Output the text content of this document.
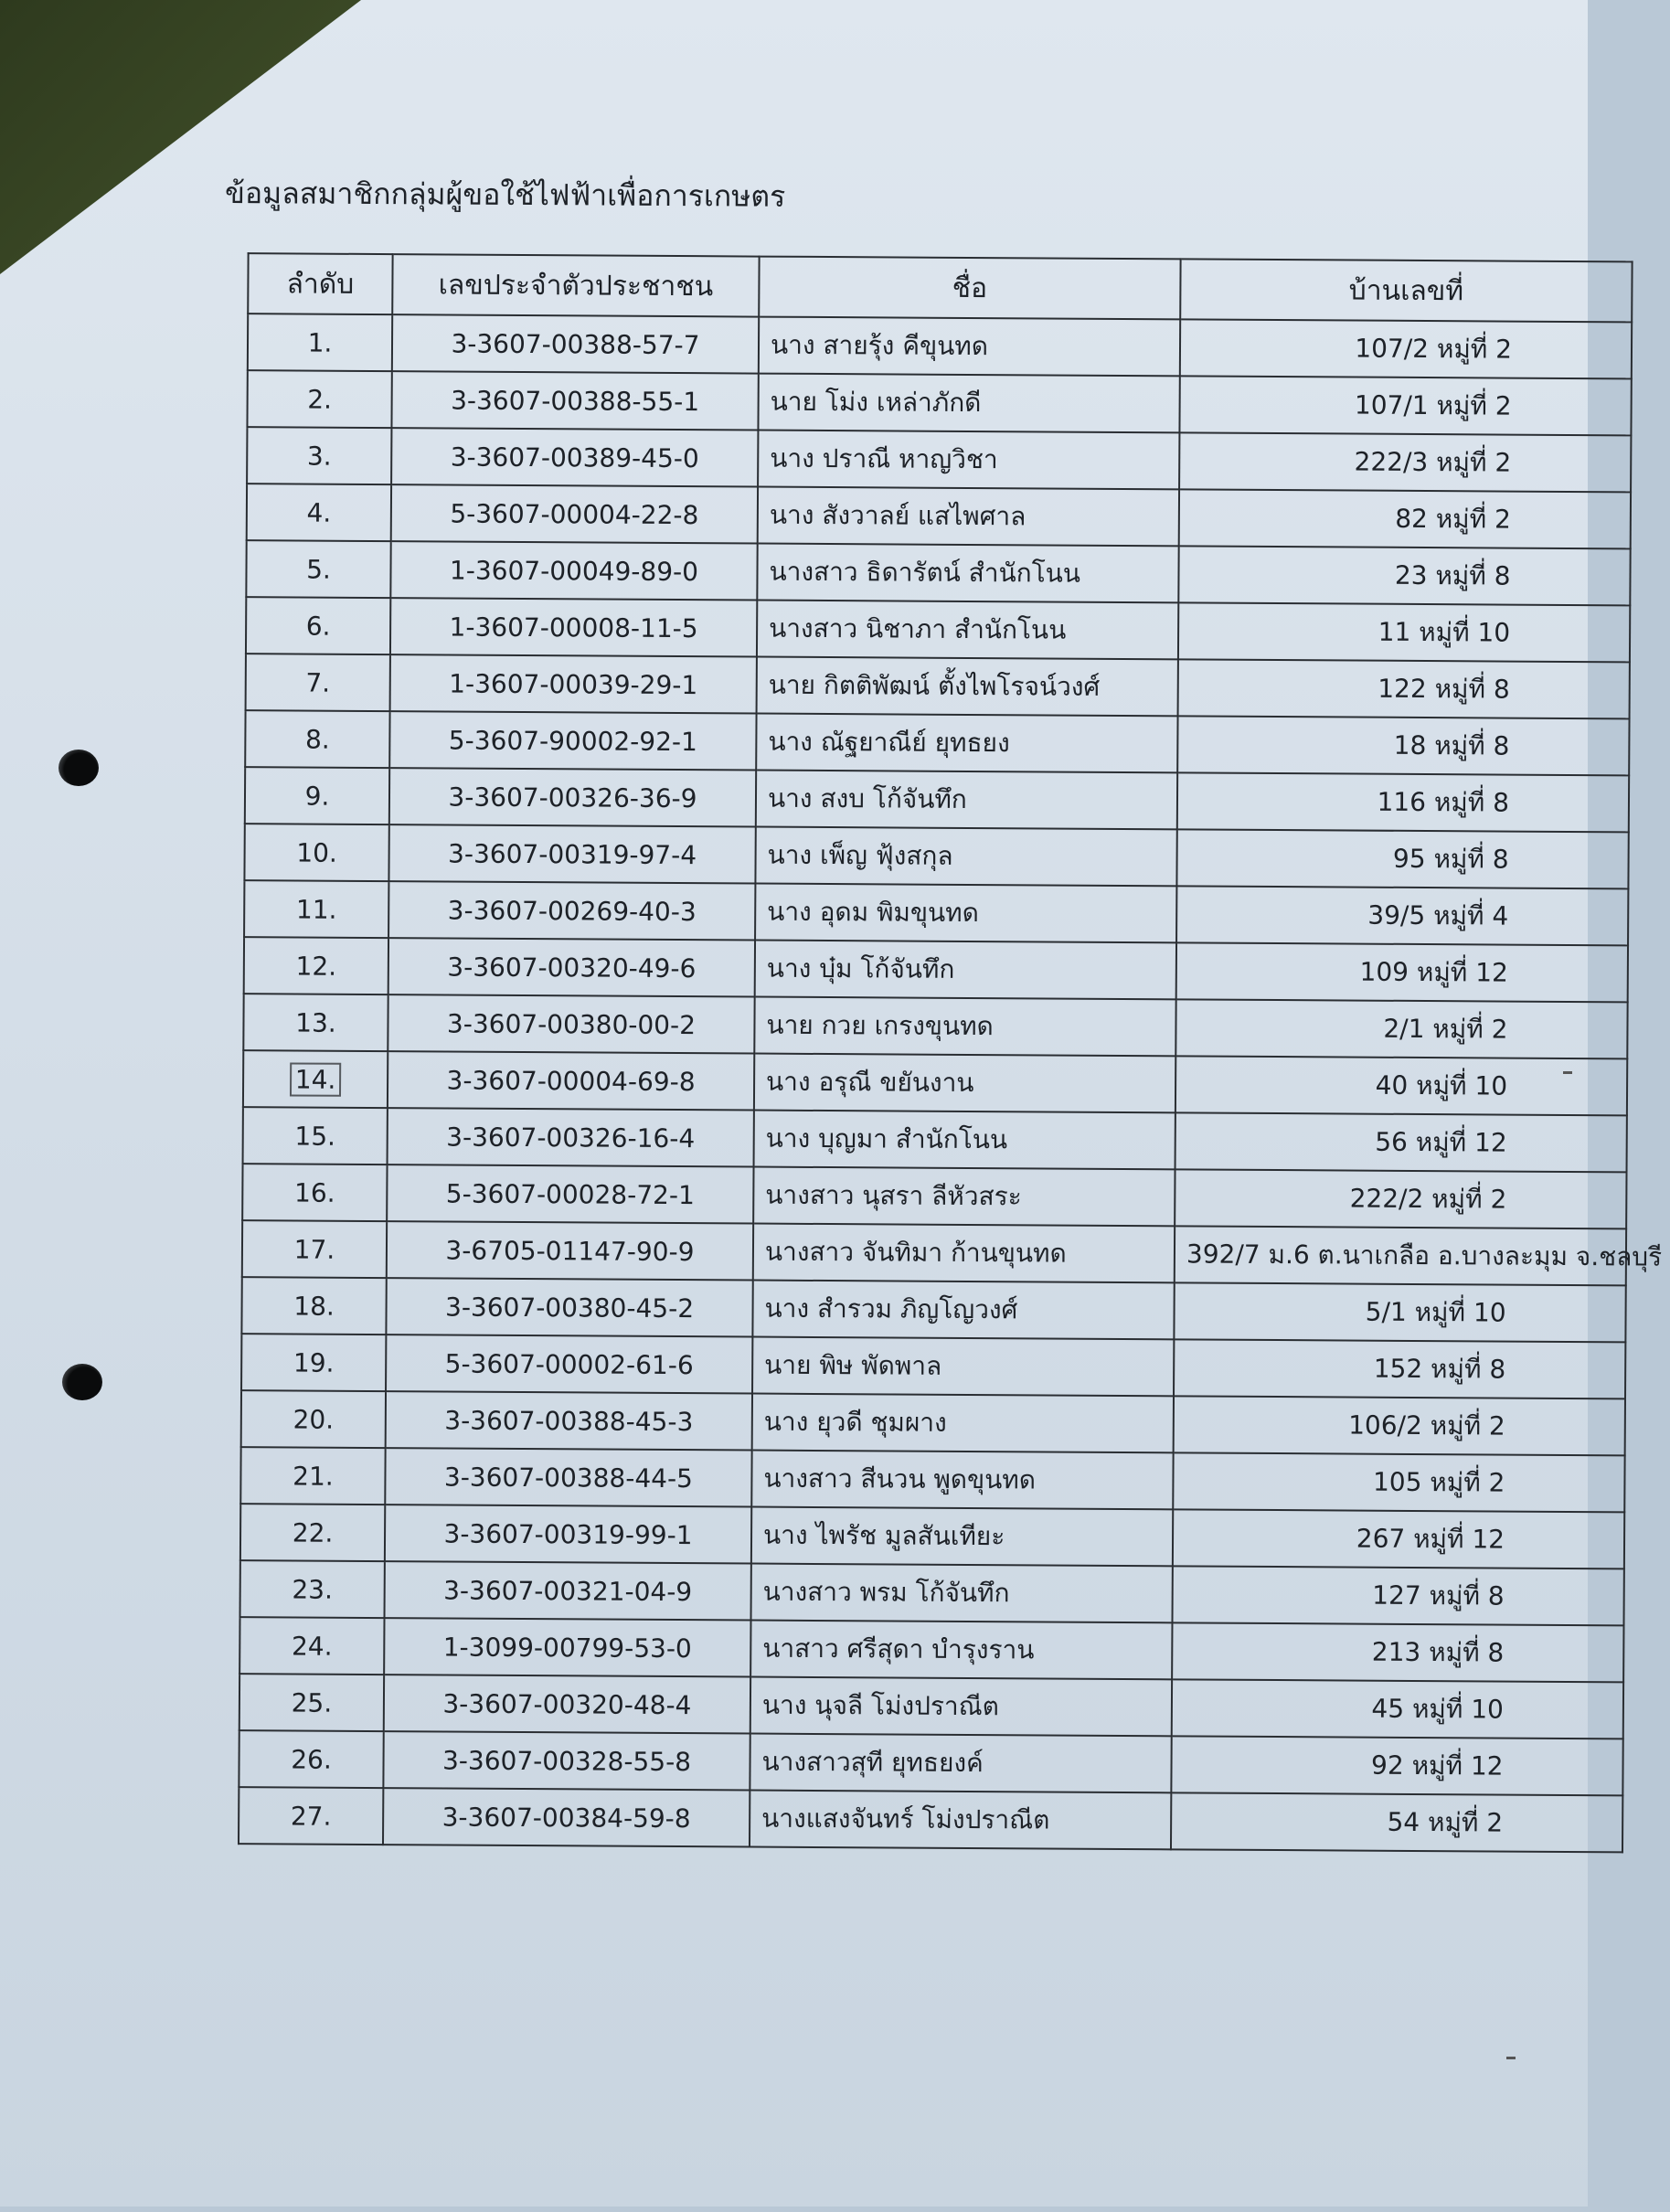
ข้อมูลสมาชิกกลุ่มผู้ขอใช้ไฟฟ้าเพื่อการเกษตร
ลำดับ	เลขประจำตัวประชาชน	ชื่อ	บ้านเลขที่
1.	3-3607-00388-57-7	นาง สายรุ้ง คีขุนทด	107/2 หมู่ที่ 2
2.	3-3607-00388-55-1	นาย โม่ง เหล่าภักดี	107/1 หมู่ที่ 2
3.	3-3607-00389-45-0	นาง ปราณี หาญวิชา	222/3 หมู่ที่ 2
4.	5-3607-00004-22-8	นาง สังวาลย์ แสไพศาล	82 หมู่ที่ 2
5.	1-3607-00049-89-0	นางสาว ธิดารัตน์ สำนักโนน	23 หมู่ที่ 8
6.	1-3607-00008-11-5	นางสาว นิชาภา สำนักโนน	11 หมู่ที่ 10
7.	1-3607-00039-29-1	นาย กิตติพัฒน์ ตั้งไพโรจน์วงศ์	122 หมู่ที่ 8
8.	5-3607-90002-92-1	นาง ณัฐยาณีย์ ยุทธยง	18 หมู่ที่ 8
9.	3-3607-00326-36-9	นาง สงบ โก้จันทึก	116 หมู่ที่ 8
10.	3-3607-00319-97-4	นาง เพ็ญ ฟุ้งสกุล	95 หมู่ที่ 8
11.	3-3607-00269-40-3	นาง อุดม พิมขุนทด	39/5 หมู่ที่ 4
12.	3-3607-00320-49-6	นาง บุ๋ม โก้จันทึก	109 หมู่ที่ 12
13.	3-3607-00380-00-2	นาย กวย เกรงขุนทด	2/1 หมู่ที่ 2
14.	3-3607-00004-69-8	นาง อรุณี ขยันงาน	40 หมู่ที่ 10
15.	3-3607-00326-16-4	นาง บุญมา สำนักโนน	56 หมู่ที่ 12
16.	5-3607-00028-72-1	นางสาว นุสรา ลีหัวสระ	222/2 หมู่ที่ 2
17.	3-6705-01147-90-9	นางสาว จันทิมา ก้านขุนทด	392/7 ม.6 ต.นาเกลือ อ.บางละมุม จ.ชลบุรี
18.	3-3607-00380-45-2	นาง สำรวม ภิญโญวงศ์	5/1 หมู่ที่ 10
19.	5-3607-00002-61-6	นาย พิษ พัดพาล	152 หมู่ที่ 8
20.	3-3607-00388-45-3	นาง ยุวดี ชุมผาง	106/2 หมู่ที่ 2
21.	3-3607-00388-44-5	นางสาว สีนวน พูดขุนทด	105 หมู่ที่ 2
22.	3-3607-00319-99-1	นาง ไพรัช มูลสันเทียะ	267 หมู่ที่ 12
23.	3-3607-00321-04-9	นางสาว พรม โก้จันทึก	127 หมู่ที่ 8
24.	1-3099-00799-53-0	นาสาว ศรีสุดา บำรุงราน	213 หมู่ที่ 8
25.	3-3607-00320-48-4	นาง นุจลี โม่งปราณีต	45 หมู่ที่ 10
26.	3-3607-00328-55-8	นางสาวสุที ยุทธยงค์	92 หมู่ที่ 12
27.	3-3607-00384-59-8	นางแสงจันทร์ โม่งปราณีต	54 หมู่ที่ 2
